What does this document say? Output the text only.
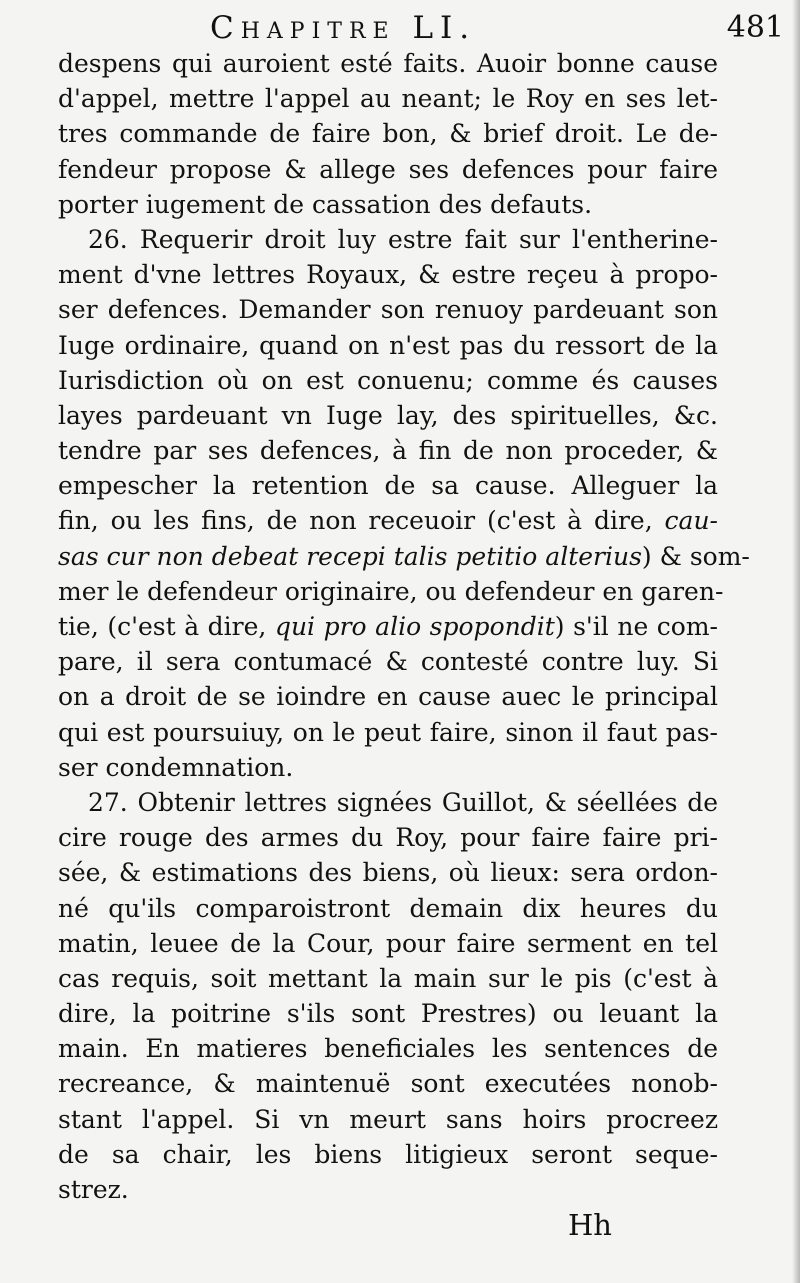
Chapitre LI.	481
despens qui auroient esté faits. Auoir bonne cause
d'appel, mettre l'appel au neant; le Roy en ses let-
tres commande de faire bon, & brief droit. Le de-
fendeur propose & allege ses defences pour faire
porter iugement de cassation des defauts.
26. Requerir droit luy estre fait sur l'entherine-
ment d'vne lettres Royaux, & estre reçeu à propo-
ser defences. Demander son renuoy pardeuant son
Iuge ordinaire, quand on n'est pas du ressort de la
Iurisdiction où on est conuenu; comme és causes
layes pardeuant vn Iuge lay, des spirituelles, &c.
tendre par ses defences, à fin de non proceder, &
empescher la retention de sa cause. Alleguer la
fin, ou les fins, de non receuoir (c'est à dire, cau-
sas cur non debeat recepi talis petitio alterius) & som-
mer le defendeur originaire, ou defendeur en garen-
tie, (c'est à dire, qui pro alio spopondit) s'il ne com-
pare, il sera contumacé & contesté contre luy. Si
on a droit de se ioindre en cause auec le principal
qui est poursuiuy, on le peut faire, sinon il faut pas-
ser condemnation.
27. Obtenir lettres signées Guillot, & séellées de
cire rouge des armes du Roy, pour faire faire pri-
sée, & estimations des biens, où lieux: sera ordon-
né qu'ils comparoistront demain dix heures du
matin, leuee de la Cour, pour faire serment en tel
cas requis, soit mettant la main sur le pis (c'est à
dire, la poitrine s'ils sont Prestres) ou leuant la
main. En matieres beneficiales les sentences de
recreance, & maintenuë sont executées nonob-
stant l'appel. Si vn meurt sans hoirs procreez
de sa chair, les biens litigieux seront seque-
strez.
Hh
